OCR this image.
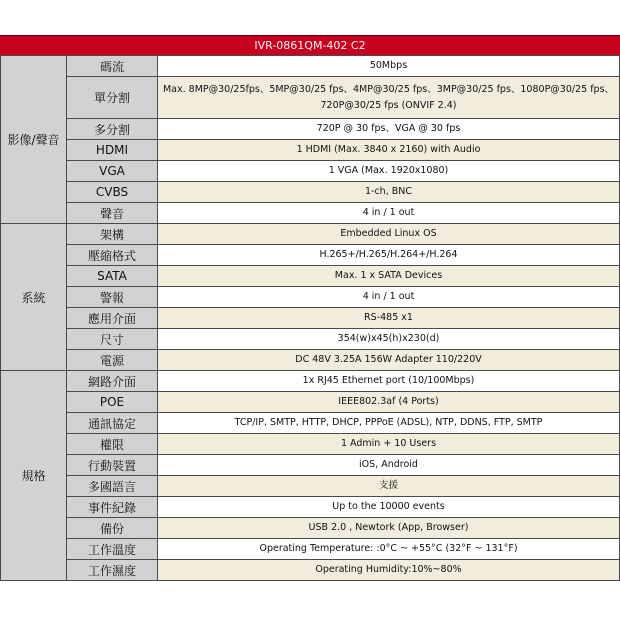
IVR-0861QM-402 C2
影像/聲音	碼流	50Mbps
	單分割	Max. 8MP@30/25fps、5MP@30/25 fps、4MP@30/25 fps、3MP@30/25 fps、1080P@30/25 fps、720P@30/25 fps (ONVIF 2.4)
	多分割	720P @ 30 fps、VGA @ 30 fps
	HDMI	1 HDMI (Max. 3840 x 2160) with Audio
	VGA	1 VGA (Max. 1920x1080)
	CVBS	1-ch, BNC
	聲音	4 in / 1 out
系統	架構	Embedded Linux OS
	壓縮格式	H.265+/H.265/H.264+/H.264
	SATA	Max. 1 x SATA Devices
	警報	4 in / 1 out
	應用介面	RS-485 x1
	尺寸	354(w)x45(h)x230(d)
	電源	DC 48V 3.25A 156W Adapter 110/220V
規格	網路介面	1x RJ45 Ethernet port (10/100Mbps)
	POE	IEEE802.3af (4 Ports)
	通訊協定	TCP/IP, SMTP, HTTP, DHCP, PPPoE (ADSL), NTP, DDNS, FTP, SMTP
	權限	1 Admin + 10 Users
	行動裝置	iOS, Android
	多國語言	支援
	事件紀錄	Up to the 10000 events
	備份	USB 2.0 , Newtork (App, Browser)
	工作溫度	Operating Temperature: :0°C ~ +55°C (32°F ~ 131°F)
	工作濕度	Operating Humidity:10%~80%
